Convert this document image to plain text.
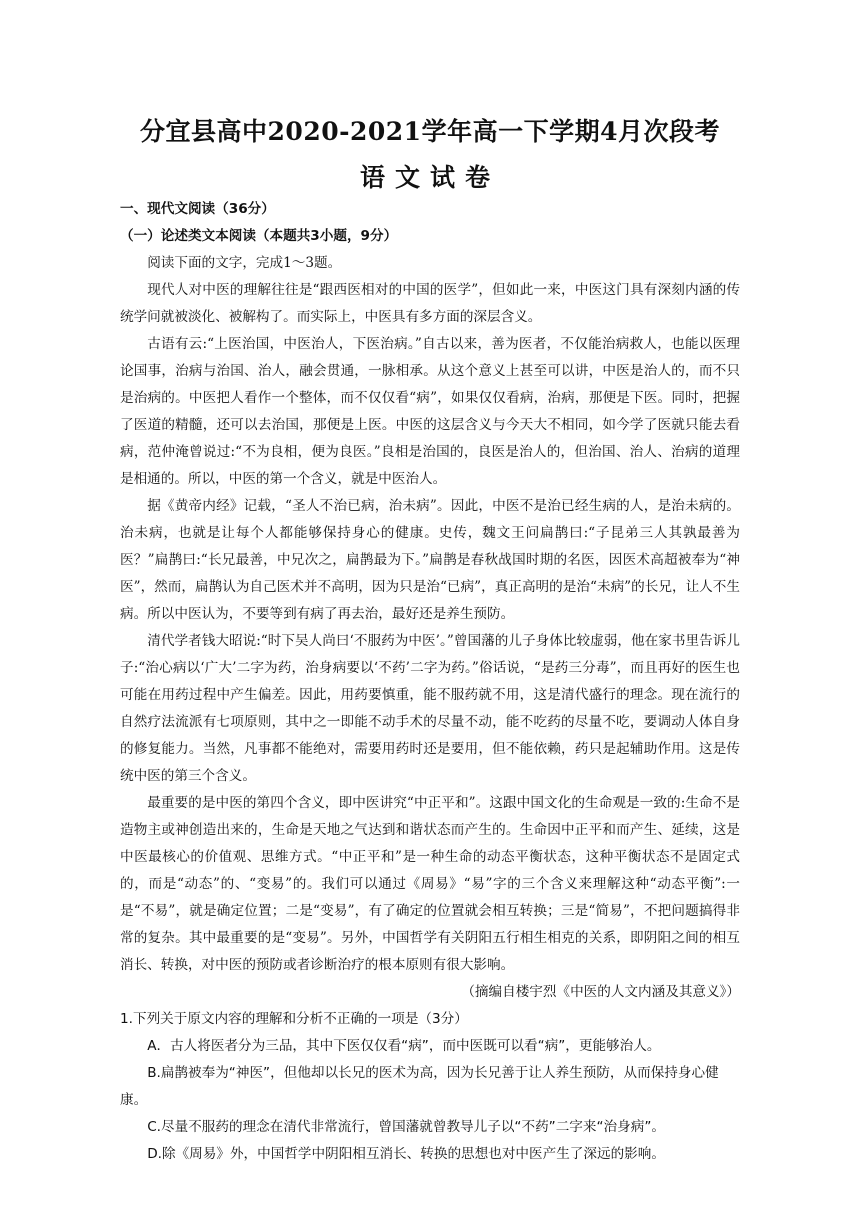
分宜县高中2020-2021学年高一下学期4月次段考
语文试卷

一、现代文阅读（36分）

（一）论述类文本阅读（本题共3小题，9分）

阅读下面的文字，完成1～3题。

现代人对中医的理解往往是“跟西医相对的中国的医学”，但如此一来，中医这门具有深刻内涵的传统学问就被淡化、被解构了。而实际上，中医具有多方面的深层含义。

古语有云:“上医治国，中医治人，下医治病。”自古以来，善为医者，不仅能治病救人，也能以医理论国事，治病与治国、治人，融会贯通，一脉相承。从这个意义上甚至可以讲，中医是治人的，而不只是治病的。中医把人看作一个整体，而不仅仅看“病”，如果仅仅看病，治病，那便是下医。同时，把握了医道的精髓，还可以去治国，那便是上医。中医的这层含义与今天大不相同，如今学了医就只能去看病，范仲淹曾说过:“不为良相，便为良医。”良相是治国的，良医是治人的，但治国、治人、治病的道理是相通的。所以，中医的第一个含义，就是中医治人。

据《黄帝内经》记载，“圣人不治已病，治未病”。因此，中医不是治已经生病的人，是治未病的。治未病，也就是让每个人都能够保持身心的健康。史传，魏文王问扁鹊曰:“子昆弟三人其孰最善为医？”扁鹊曰:“长兄最善，中兄次之，扁鹊最为下。”扁鹊是春秋战国时期的名医，因医术高超被奉为“神医”，然而，扁鹊认为自己医术并不高明，因为只是治“已病”，真正高明的是治“未病”的长兄，让人不生病。所以中医认为，不要等到有病了再去治，最好还是养生预防。

清代学者钱大昭说:“时下吴人尚曰‘不服药为中医’。”曾国藩的儿子身体比较虚弱，他在家书里告诉儿子:“治心病以‘广大’二字为药，治身病要以‘不药’二字为药。”俗话说，“是药三分毒”，而且再好的医生也可能在用药过程中产生偏差。因此，用药要慎重，能不服药就不用，这是清代盛行的理念。现在流行的自然疗法流派有七项原则，其中之一即能不动手术的尽量不动，能不吃药的尽量不吃，要调动人体自身的修复能力。当然，凡事都不能绝对，需要用药时还是要用，但不能依赖，药只是起辅助作用。这是传统中医的第三个含义。

最重要的是中医的第四个含义，即中医讲究“中正平和”。这跟中国文化的生命观是一致的:生命不是造物主或神创造出来的，生命是天地之气达到和谐状态而产生的。生命因中正平和而产生、延续，这是中医最核心的价值观、思维方式。“中正平和”是一种生命的动态平衡状态，这种平衡状态不是固定式的，而是“动态”的、“变易”的。我们可以通过《周易》“易”字的三个含义来理解这种“动态平衡”:一是“不易”，就是确定位置；二是“变易”，有了确定的位置就会相互转换；三是“简易”，不把问题搞得非常的复杂。其中最重要的是“变易”。另外，中国哲学有关阴阳五行相生相克的关系，即阴阳之间的相互消长、转换，对中医的预防或者诊断治疗的根本原则有很大影响。

（摘编自楼宇烈《中医的人文内涵及其意义》）

1.下列关于原文内容的理解和分析不正确的一项是（3分）

A．古人将医者分为三品，其中下医仅仅看“病”，而中医既可以看“病”，更能够治人。

B.扁鹊被奉为“神医”，但他却以长兄的医术为高，因为长兄善于让人养生预防，从而保持身心健康。

C.尽量不服药的理念在清代非常流行，曾国藩就曾教导儿子以“不药”二字来“治身病”。

D.除《周易》外，中国哲学中阴阳相互消长、转换的思想也对中医产生了深远的影响。
